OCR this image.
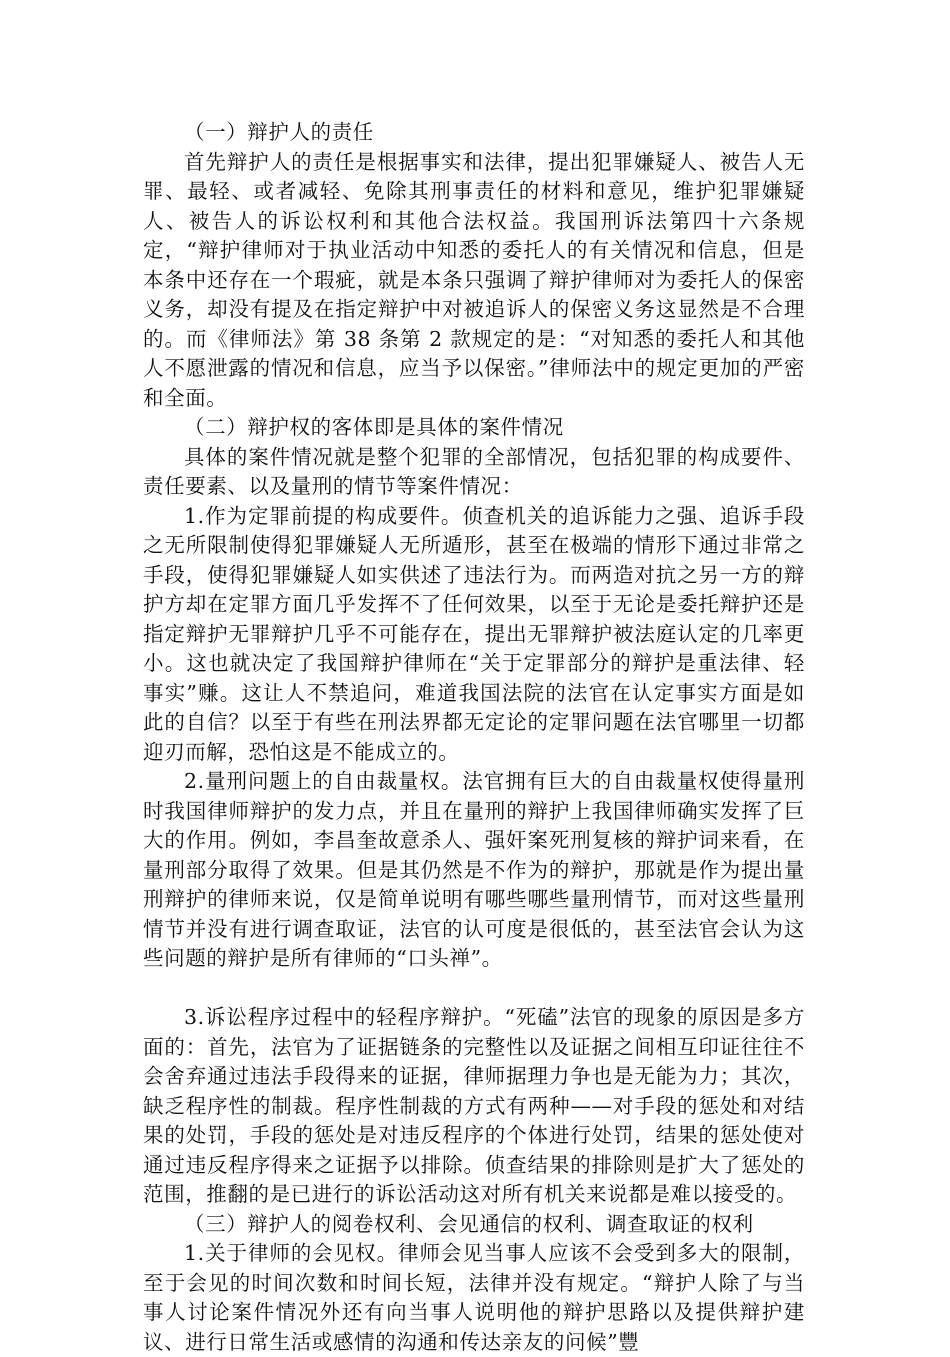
（一）辩护人的责任

首先辩护人的责任是根据事实和法律，提出犯罪嫌疑人、被告人无罪、最轻、或者减轻、免除其刑事责任的材料和意见，维护犯罪嫌疑人、被告人的诉讼权利和其他合法权益。我国刑诉法第四十六条规定，“辩护律师对于执业活动中知悉的委托人的有关情况和信息，但是本条中还存在一个瑕疵，就是本条只强调了辩护律师对为委托人的保密义务，却没有提及在指定辩护中对被追诉人的保密义务这显然是不合理的。而《律师法》第 38 条第 2 款规定的是：“对知悉的委托人和其他人不愿泄露的情况和信息，应当予以保密。”律师法中的规定更加的严密和全面。

（二）辩护权的客体即是具体的案件情况

具体的案件情况就是整个犯罪的全部情况，包括犯罪的构成要件、责任要素、以及量刑的情节等案件情况：

1.作为定罪前提的构成要件。侦查机关的追诉能力之强、追诉手段之无所限制使得犯罪嫌疑人无所遁形，甚至在极端的情形下通过非常之手段，使得犯罪嫌疑人如实供述了违法行为。而两造对抗之另一方的辩护方却在定罪方面几乎发挥不了任何效果，以至于无论是委托辩护还是指定辩护无罪辩护几乎不可能存在，提出无罪辩护被法庭认定的几率更小。这也就决定了我国辩护律师在“关于定罪部分的辩护是重法律、轻事实”赚。这让人不禁追问，难道我国法院的法官在认定事实方面是如此的自信？以至于有些在刑法界都无定论的定罪问题在法官哪里一切都迎刃而解，恐怕这是不能成立的。

2.量刑问题上的自由裁量权。法官拥有巨大的自由裁量权使得量刑时我国律师辩护的发力点，并且在量刑的辩护上我国律师确实发挥了巨大的作用。例如，李昌奎故意杀人、强奸案死刑复核的辩护词来看，在量刑部分取得了效果。但是其仍然是不作为的辩护，那就是作为提出量刑辩护的律师来说，仅是简单说明有哪些哪些量刑情节，而对这些量刑情节并没有进行调查取证，法官的认可度是很低的，甚至法官会认为这些问题的辩护是所有律师的“口头禅”。

3.诉讼程序过程中的轻程序辩护。“死磕”法官的现象的原因是多方面的：首先，法官为了证据链条的完整性以及证据之间相互印证往往不会舍弃通过违法手段得来的证据，律师据理力争也是无能为力；其次，缺乏程序性的制裁。程序性制裁的方式有两种——对手段的惩处和对结果的处罚，手段的惩处是对违反程序的个体进行处罚，结果的惩处使对通过违反程序得来之证据予以排除。侦查结果的排除则是扩大了惩处的范围，推翻的是已进行的诉讼活动这对所有机关来说都是难以接受的。

（三）辩护人的阅卷权利、会见通信的权利、调查取证的权利

1.关于律师的会见权。律师会见当事人应该不会受到多大的限制，至于会见的时间次数和时间长短，法律并没有规定。“辩护人除了与当事人讨论案件情况外还有向当事人说明他的辩护思路以及提供辩护建议、进行日常生活或感情的沟通和传达亲友的问候”豐
